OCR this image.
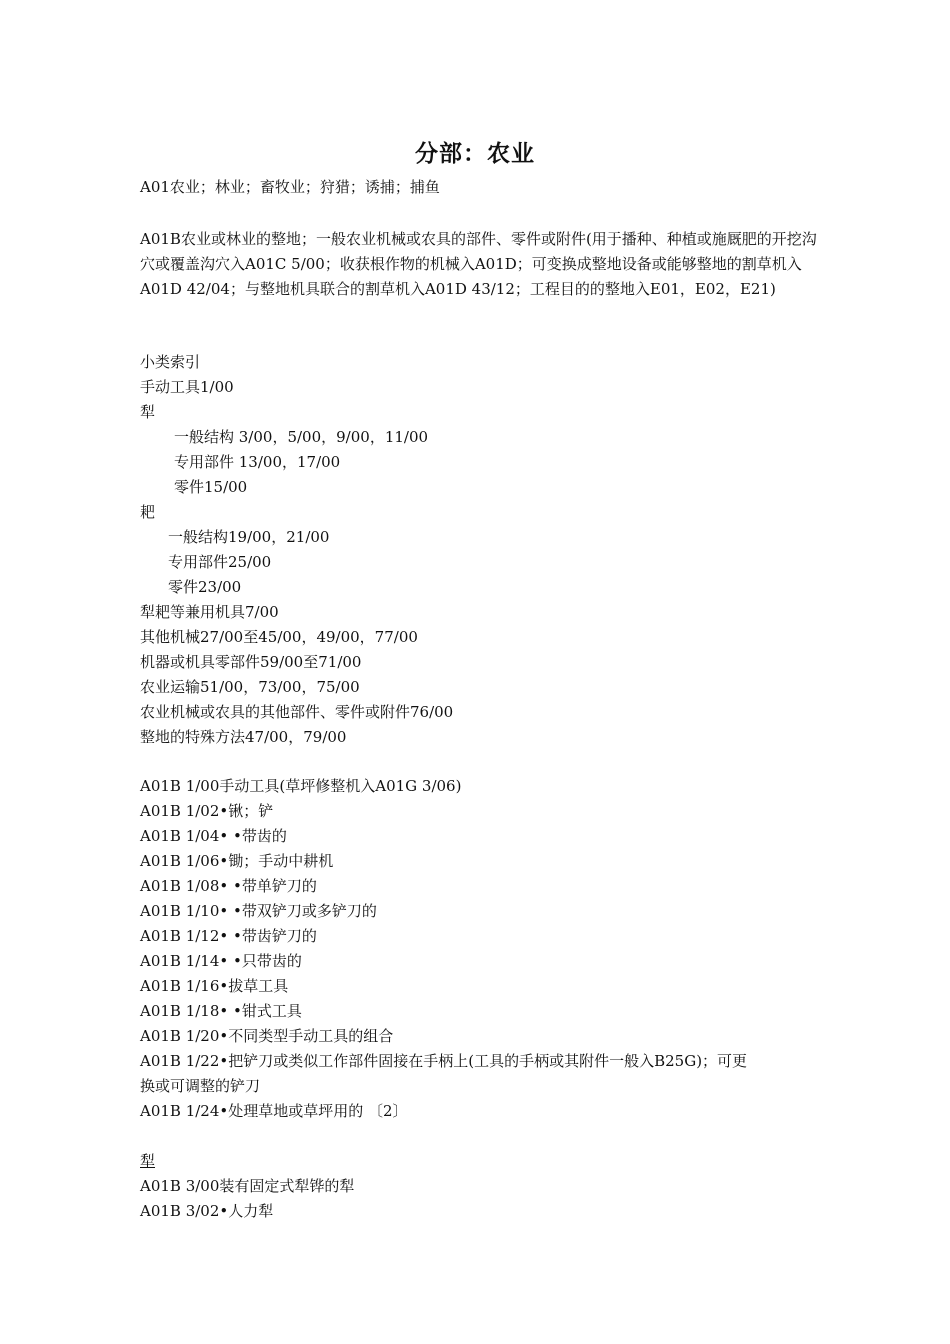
分部：农业
A01农业；林业；畜牧业；狩猎；诱捕；捕鱼
A01B农业或林业的整地；一般农业机械或农具的部件、零件或附件(用于播种、种植或施厩肥的开挖沟穴或覆盖沟穴入A01C 5/00；收获根作物的机械入A01D；可变换成整地设备或能够整地的割草机入A01D 42/04；与整地机具联合的割草机入A01D 43/12；工程目的的整地入E01，E02，E21)
小类索引
手动工具1/00
犁
一般结构 3/00，5/00，9/00，11/00
专用部件 13/00，17/00
零件15/00
耙
一般结构19/00，21/00
专用部件25/00
零件23/00
犁耙等兼用机具7/00
其他机械27/00至45/00，49/00，77/00
机器或机具零部件59/00至71/00
农业运输51/00，73/00，75/00
农业机械或农具的其他部件、零件或附件76/00
整地的特殊方法47/00，79/00
A01B 1/00手动工具(草坪修整机入A01G 3/06)
A01B 1/02•锹；铲
A01B 1/04• •带齿的
A01B 1/06•锄；手动中耕机
A01B 1/08• •带单铲刀的
A01B 1/10• •带双铲刀或多铲刀的
A01B 1/12• •带齿铲刀的
A01B 1/14• •只带齿的
A01B 1/16•拔草工具
A01B 1/18• •钳式工具
A01B 1/20•不同类型手动工具的组合
A01B 1/22•把铲刀或类似工作部件固接在手柄上(工具的手柄或其附件一般入B25G)；可更
换或可调整的铲刀
A01B 1/24•处理草地或草坪用的 〔2〕
犁
A01B 3/00装有固定式犁铧的犁
A01B 3/02•人力犁
